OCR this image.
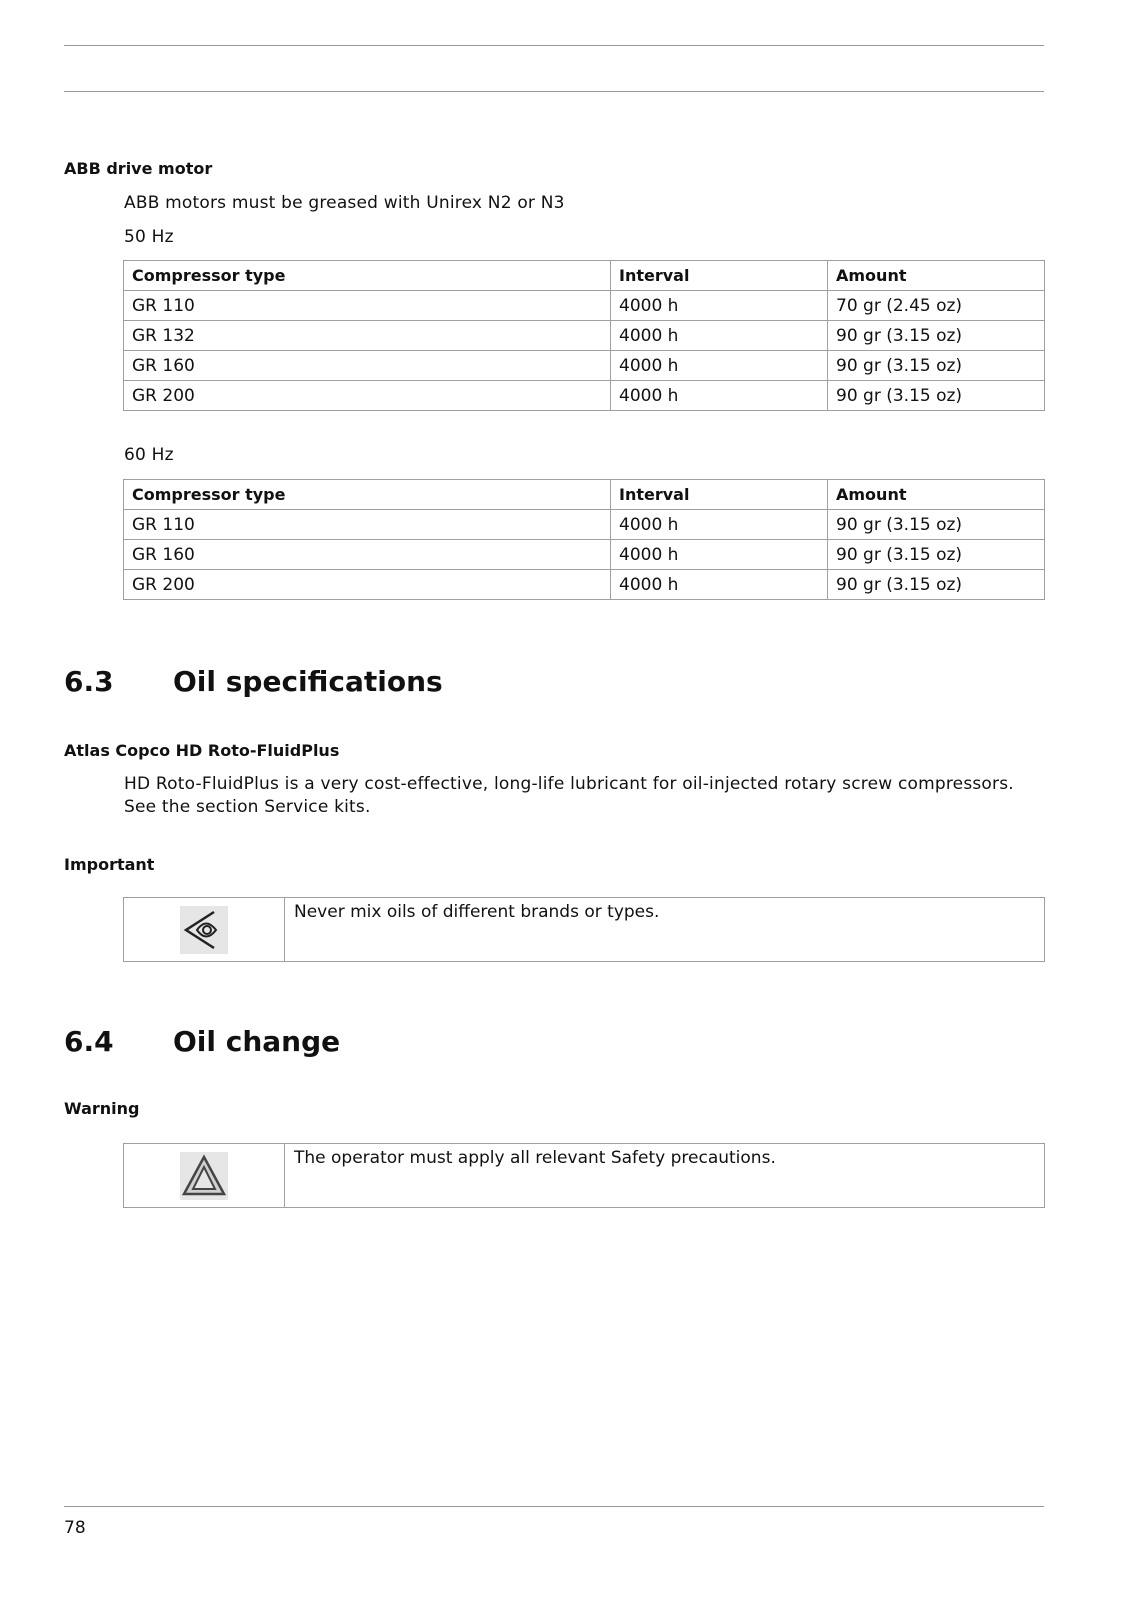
ABB drive motor
ABB motors must be greased with Unirex N2 or N3
50 Hz
Compressor type	Interval	Amount
GR 110	4000 h	70 gr (2.45 oz)
GR 132	4000 h	90 gr (3.15 oz)
GR 160	4000 h	90 gr (3.15 oz)
GR 200	4000 h	90 gr (3.15 oz)
60 Hz
Compressor type	Interval	Amount
GR 110	4000 h	90 gr (3.15 oz)
GR 160	4000 h	90 gr (3.15 oz)
GR 200	4000 h	90 gr (3.15 oz)
6.3 Oil specifications
Atlas Copco HD Roto-FluidPlus
HD Roto-FluidPlus is a very cost-effective, long-life lubricant for oil-injected rotary screw compressors.
See the section Service kits.
Important
Never mix oils of different brands or types.
6.4 Oil change
Warning
The operator must apply all relevant Safety precautions.
78
